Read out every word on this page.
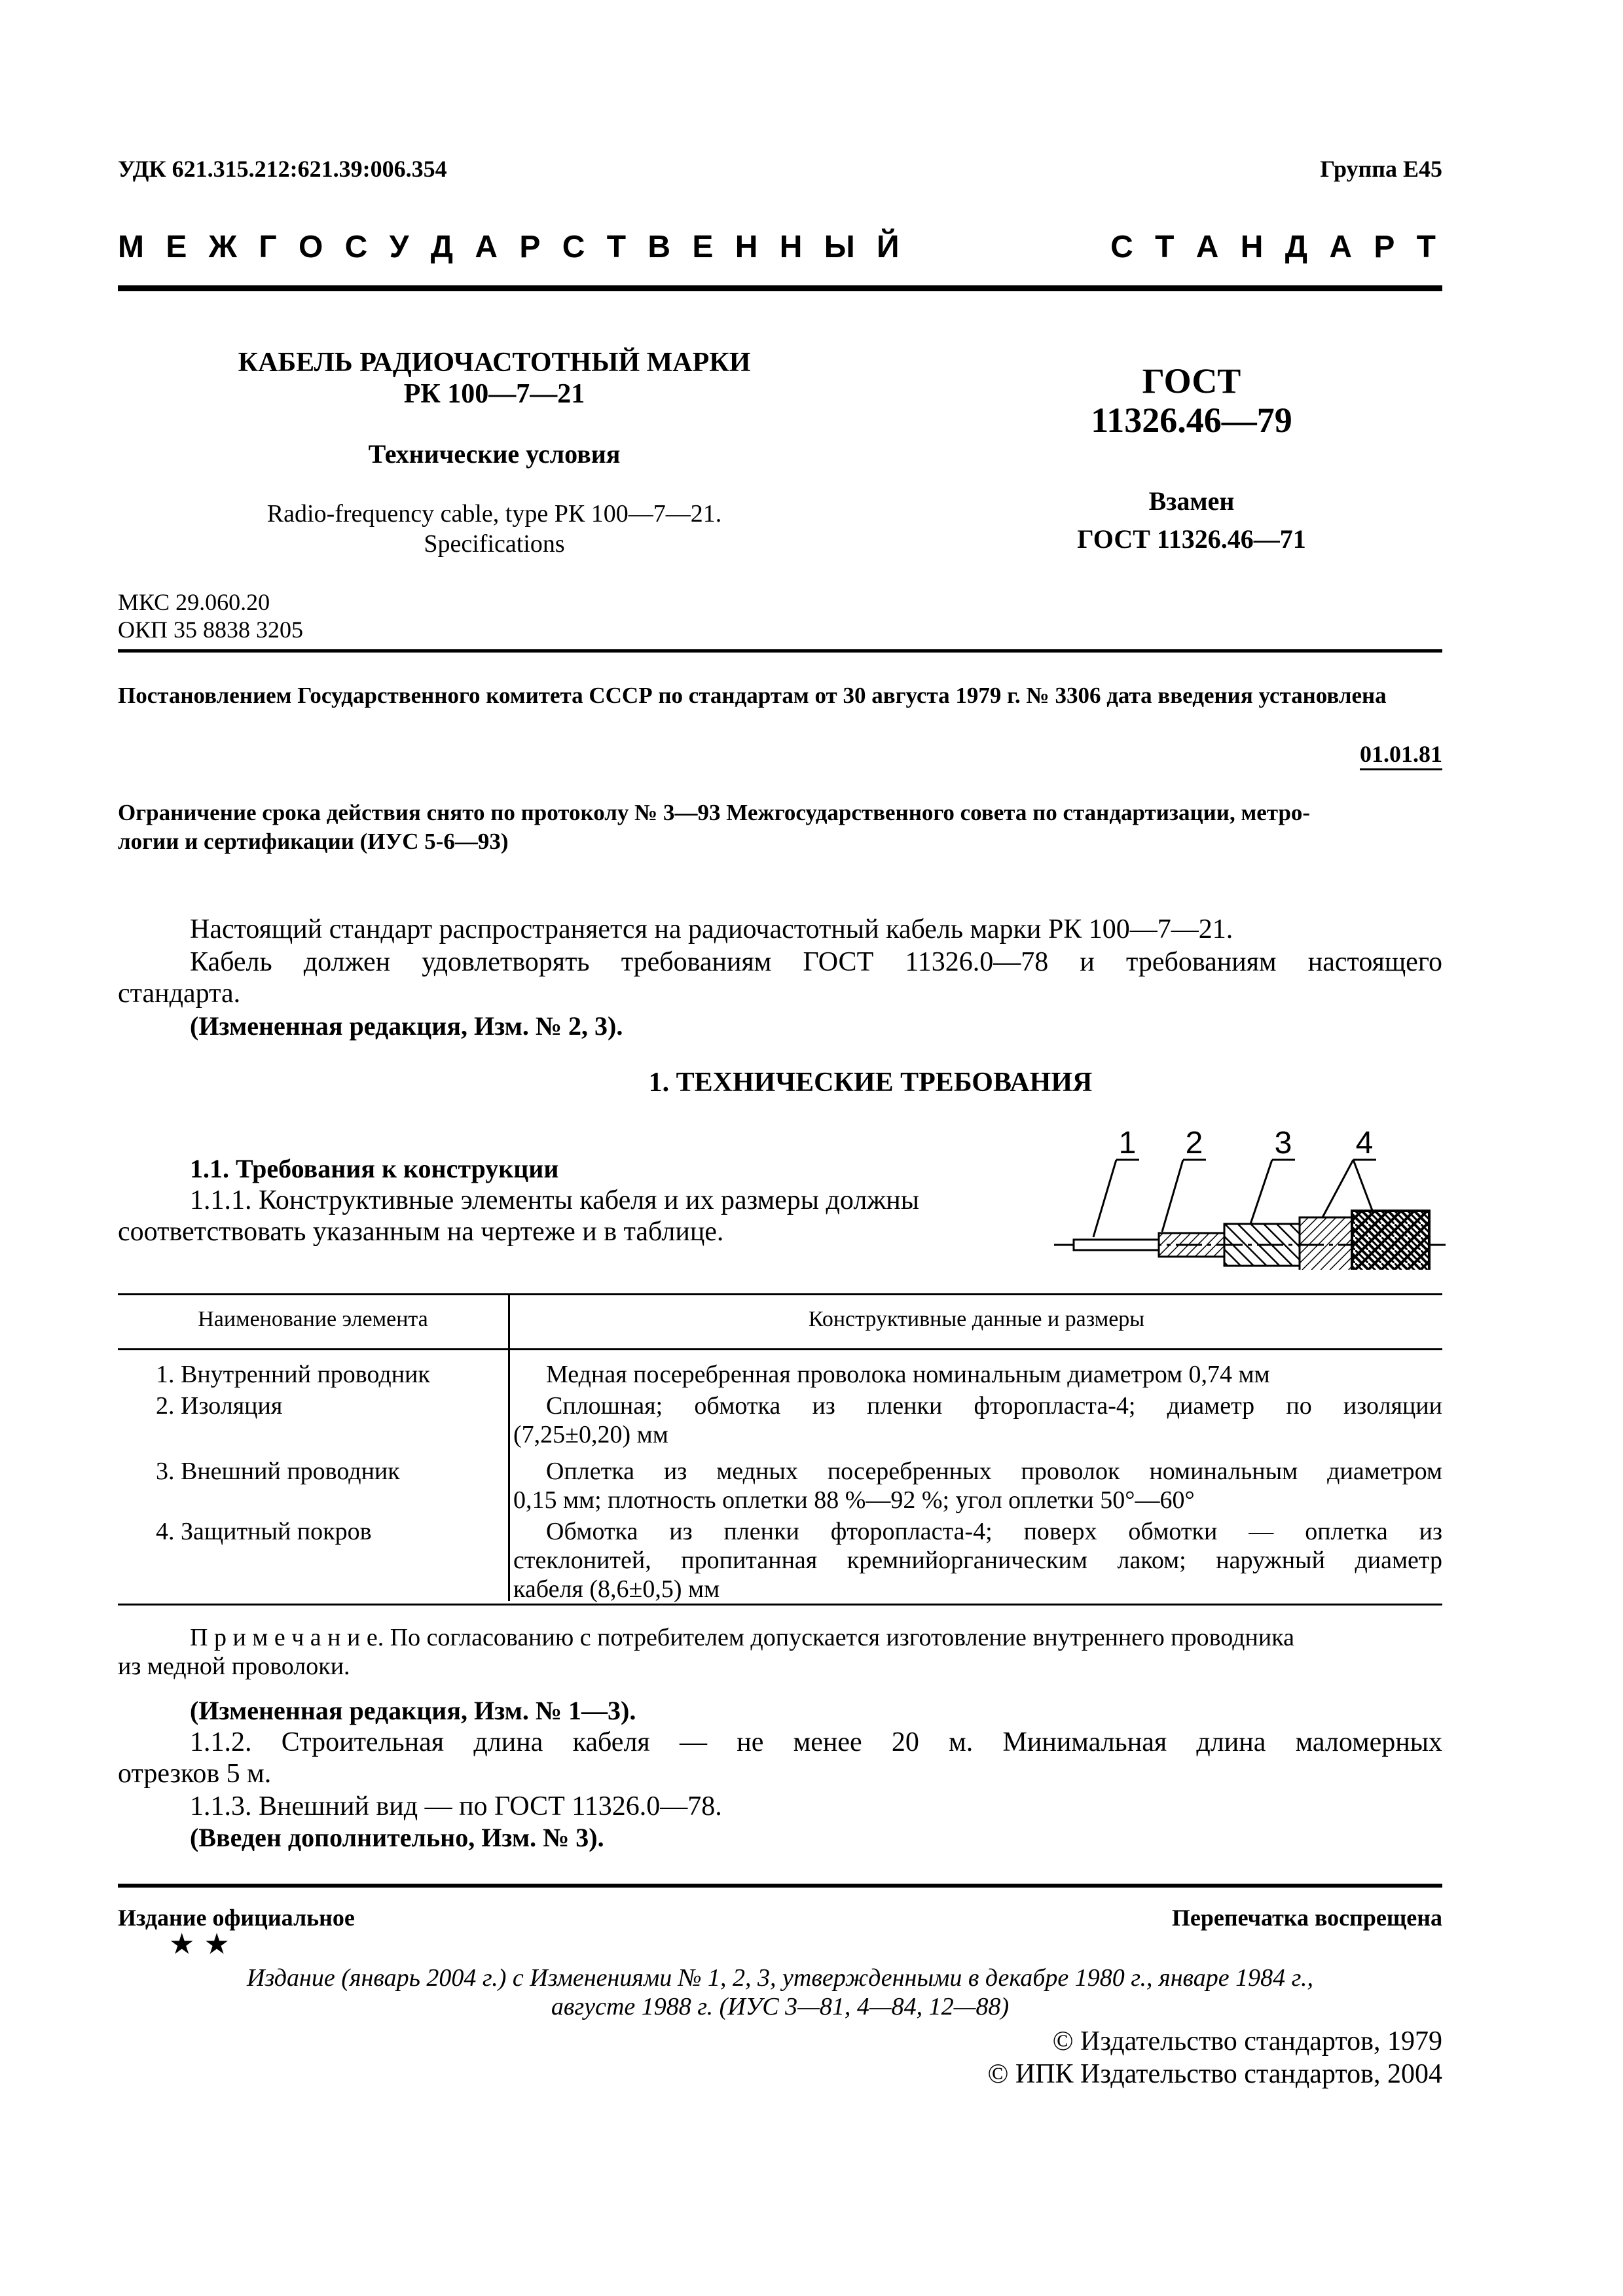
УДК 621.315.212:621.39:006.354	Группа Е45
М Е Ж Г О С У Д А Р С Т В Е Н Н Ы Й	С Т А Н Д А Р Т
КАБЕЛЬ РАДИОЧАСТОТНЫЙ МАРКИ
РК 100—7—21
Технические условия
Radio-frequency cable, type РК 100—7—21.
Specifications
ГОСТ
11326.46—79
Взамен
ГОСТ 11326.46—71
МКС 29.060.20
ОКП 35 8838 3205
Постановлением Государственного комитета СССР по стандартам от 30 августа 1979 г. № 3306 дата введения установлена
01.01.81
Ограничение срока действия снято по протоколу № 3—93 Межгосударственного совета по стандартизации, метро-
логии и сертификации (ИУС 5-6—93)
Настоящий стандарт распространяется на радиочастотный кабель марки РК 100—7—21.
Кабель должен удовлетворять требованиям ГОСТ 11326.0—78 и требованиям настоящего
стандарта.
(Измененная редакция, Изм. № 2, 3).
1. ТЕХНИЧЕСКИЕ ТРЕБОВАНИЯ
1.1. Требования к конструкции
1.1.1. Конструктивные элементы кабеля и их размеры должны
соответствовать указанным на чертеже и в таблице.
1 2 3 4
Наименование элемента	Конструктивные данные и размеры
1. Внутренний проводник	Медная посеребренная проволока номинальным диаметром 0,74 мм
2. Изоляция	Сплошная; обмотка из пленки фторопласта-4; диаметр по изоляции
(7,25±0,20) мм
3. Внешний проводник	Оплетка из медных посеребренных проволок номинальным диаметром
0,15 мм; плотность оплетки 88 %—92 %; угол оплетки 50°—60°
4. Защитный покров	Обмотка из пленки фторопласта-4; поверх обмотки — оплетка из
стеклонитей, пропитанная кремнийорганическим лаком; наружный диаметр
кабеля (8,6±0,5) мм
П р и м е ч а н и е. По согласованию с потребителем допускается изготовление внутреннего проводника
из медной проволоки.
(Измененная редакция, Изм. № 1—3).
1.1.2. Строительная длина кабеля — не менее 20 м. Минимальная длина маломерных
отрезков 5 м.
1.1.3. Внешний вид — по ГОСТ 11326.0—78.
(Введен дополнительно, Изм. № 3).
Издание официальное	Перепечатка воспрещена
★ ★
Издание (январь 2004 г.) с Изменениями № 1, 2, 3, утвержденными в декабре 1980 г., январе 1984 г.,
августе 1988 г. (ИУС 3—81, 4—84, 12—88)
© Издательство стандартов, 1979
© ИПК Издательство стандартов, 2004
